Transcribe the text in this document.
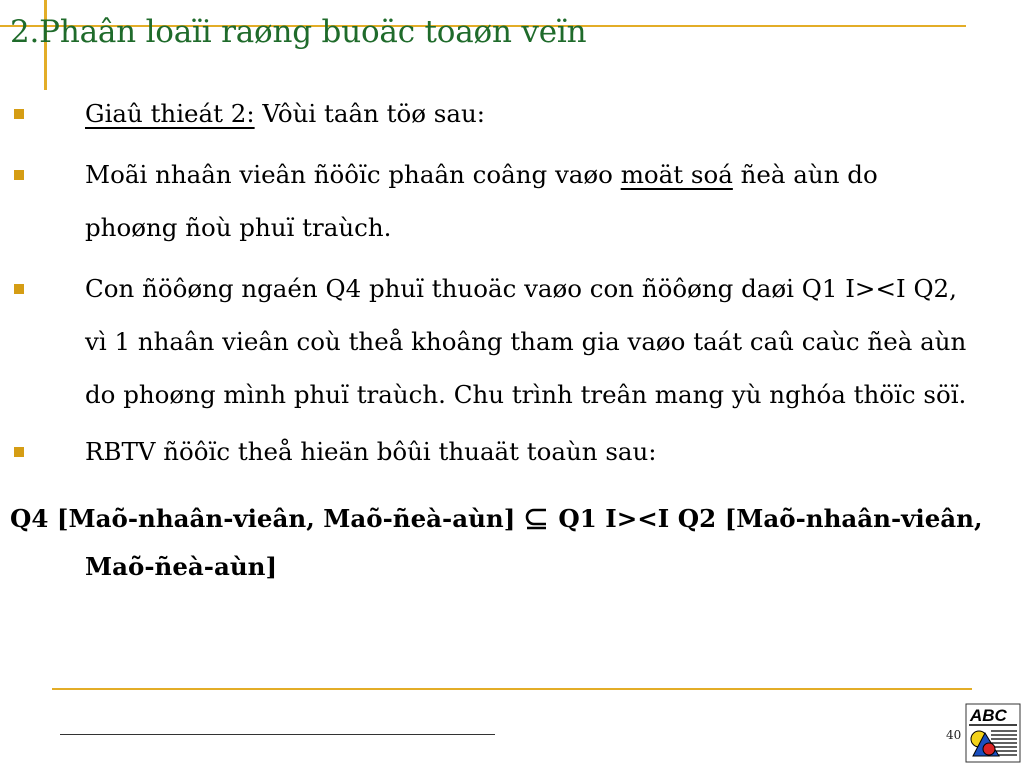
2.Phaân loaïi raøng buoäc toaøn veïn
Giaû thieát 2: Vôùi taân töø sau:
Moãi nhaân vieân ñöôïc phaân coâng vaøo moät soá ñeà aùn do
phoøng ñoù phuï traùch.
Con ñöôøng ngaén Q4 phuï thuoäc vaøo con ñöôøng daøi Q1 I><I Q2,
vì 1 nhaân vieân coù theå khoâng tham gia vaøo taát caû caùc ñeà aùn
do phoøng mình phuï traùch. Chu trình treân mang yù nghóa thöïc söï.
RBTV ñöôïc theå hieän bôûi thuaät toaùn sau:
Q4 [Maõ-nhaân-vieân, Maõ-ñeà-aùn]  Q1 I><I Q2 [Maõ-nhaân-vieân,
Maõ-ñeà-aùn]
40
ABC
